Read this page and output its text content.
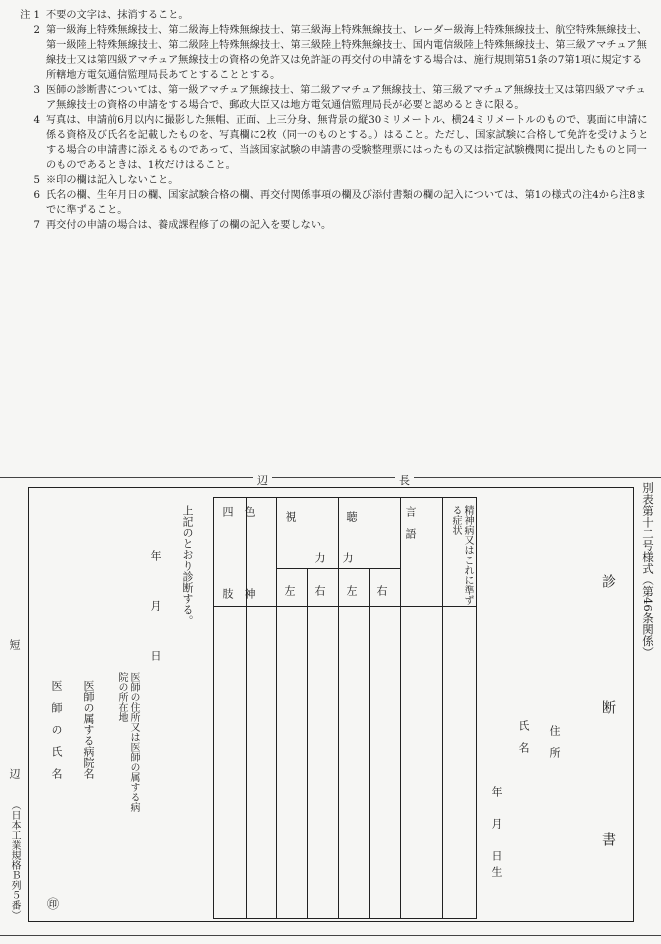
注 1 不要の文字は、抹消すること。
2 第一級海上特殊無線技士、第二級海上特殊無線技士、第三級海上特殊無線技士、レーダー級海上特殊無線技士、航空特殊無線技士、第一級陸上特殊無線技士、第二級陸上特殊無線技士、第三級陸上特殊無線技士、国内電信級陸上特殊無線技士、第三級アマチュア無線技士又は第四級アマチュア無線技士の資格の免許又は免許証の再交付の申請をする場合は、施行規則第51条の7第1項に規定する所轄地方電気通信監理局長あてとすることとする。
3 医師の診断書については、第一級アマチュア無線技士、第二級アマチュア無線技士、第三級アマチュア無線技士又は第四級アマチュア無線技士の資格の申請をする場合で、郵政大臣又は地方電気通信監理局長が必要と認めるときに限る。
4 写真は、申請前6月以内に撮影した無帽、正面、上三分身、無背景の縦30ミリメートル、横24ミリメートルのもので、裏面に申請に係る資格及び氏名を記載したものを、写真欄に2枚（同一のものとする。）はること。ただし、国家試験に合格して免許を受けようとする場合の申請書に添えるものであって、当該国家試験の申請書の受験整理票にはったもの又は指定試験機関に提出したものと同一のものであるときは、1枚だけはること。
5 ※印の欄は記入しないこと。
6 氏名の欄、生年月日の欄、国家試験合格の欄、再交付関係事項の欄及び添付書類の欄の記入については、第1の様式の注4から注8までに準ずること。
7 再交付の申請の場合は、養成課程修了の欄の記入を要しない。
長
辺
別表第十二号様式（第46条関係）
診
断
書
住　所
氏　名
年　月　日生
精神病又はこれに準ずる症状
言　語
聴
力
右
左
視
力
右
左
色　神
四　肢
上記のとおり診断する。
年　月　日
医師の住所又は医師の属する病院の所在地
医師の属する病院名
医　師　の　氏　名
㊞
短
辺
（日本工業規格Ｂ列５番）
